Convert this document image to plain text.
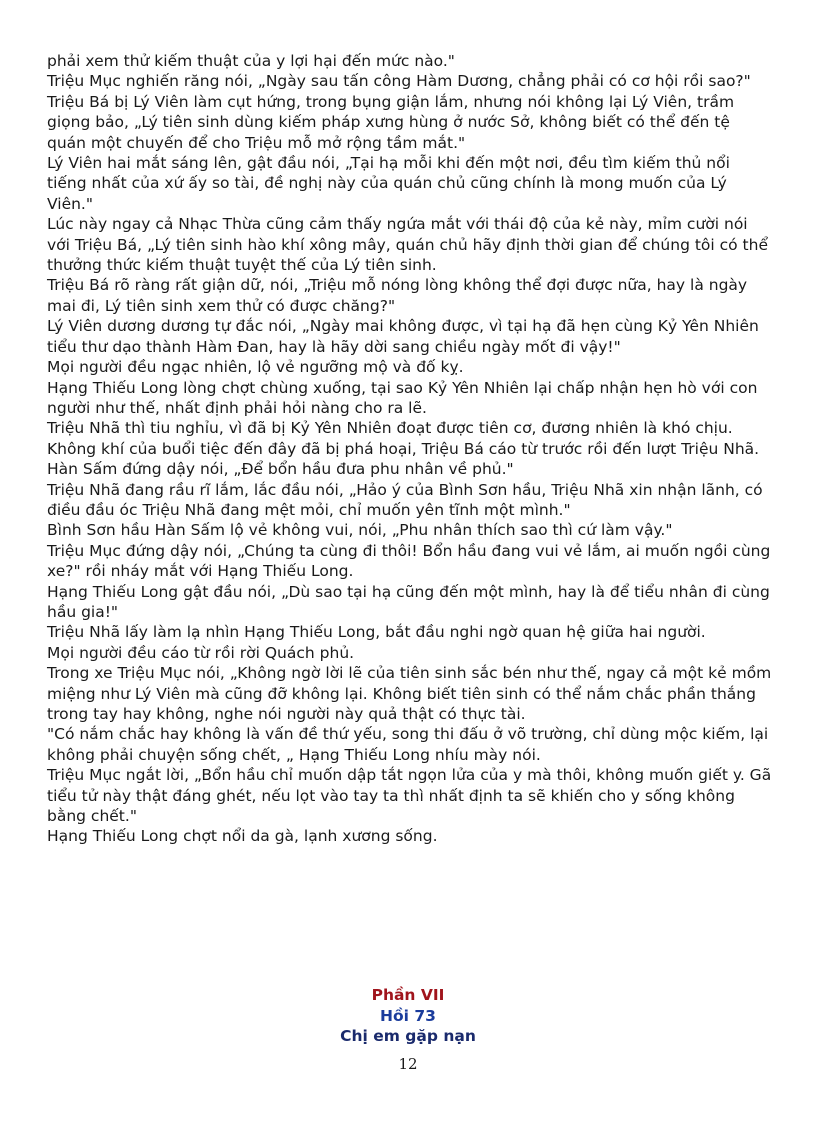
phải xem thử kiếm thuật của y lợi hại đến mức nào."

Triệu Mục nghiến răng nói, „Ngày sau tấn công Hàm Dương, chẳng phải có cơ hội rồi sao?"

Triệu Bá bị Lý Viên làm cụt hứng, trong bụng giận lắm, nhưng nói không lại Lý Viên, trầm giọng bảo, „Lý tiên sinh dùng kiếm pháp xưng hùng ở nước Sở, không biết có thể đến tệ quán một chuyến để cho Triệu mỗ mở rộng tầm mắt."

Lý Viên hai mắt sáng lên, gật đầu nói, „Tại hạ mỗi khi đến một nơi, đều tìm kiếm thủ nổi tiếng nhất của xứ ấy so tài, đề nghị này của quán chủ cũng chính là mong muốn của Lý Viên."

Lúc này ngay cả Nhạc Thừa cũng cảm thấy ngứa mắt với thái độ của kẻ này, mỉm cười nói với Triệu Bá, „Lý tiên sinh hào khí xông mây, quán chủ hãy định thời gian để chúng tôi có thể thưởng thức kiếm thuật tuyệt thế của Lý tiên sinh.

Triệu Bá rõ ràng rất giận dữ, nói, „Triệu mỗ nóng lòng không thể đợi được nữa, hay là ngày mai đi, Lý tiên sinh xem thử có được chăng?"

Lý Viên dương dương tự đắc nói, „Ngày mai không được, vì tại hạ đã hẹn cùng Kỷ Yên Nhiên tiểu thư dạo thành Hàm Đan, hay là hãy dời sang chiều ngày mốt đi vậy!"

Mọi người đều ngạc nhiên, lộ vẻ ngưỡng mộ và đố kỵ.

Hạng Thiếu Long lòng chợt chùng xuống, tại sao Kỷ Yên Nhiên lại chấp nhận hẹn hò với con người như thế, nhất định phải hỏi nàng cho ra lẽ.

Triệu Nhã thì tiu nghỉu, vì đã bị Kỷ Yên Nhiên đoạt được tiên cơ, đương nhiên là khó chịu.

Không khí của buổi tiệc đến đây đã bị phá hoại, Triệu Bá cáo từ trước rồi đến lượt Triệu Nhã.

Hàn Sấm đứng dậy nói, „Để bổn hầu đưa phu nhân về phủ."

Triệu Nhã đang rầu rĩ lắm, lắc đầu nói, „Hảo ý của Bình Sơn hầu, Triệu Nhã xin nhận lãnh, có điều đầu óc Triệu Nhã đang mệt mỏi, chỉ muốn yên tĩnh một mình."

Bình Sơn hầu Hàn Sấm lộ vẻ không vui, nói, „Phu nhân thích sao thì cứ làm vậy."

Triệu Mục đứng dậy nói, „Chúng ta cùng đi thôi! Bổn hầu đang vui vẻ lắm, ai muốn ngồi cùng xe?" rồi nháy mắt với Hạng Thiếu Long.

Hạng Thiếu Long gật đầu nói, „Dù sao tại hạ cũng đến một mình, hay là để tiểu nhân đi cùng hầu gia!"

Triệu Nhã lấy làm lạ nhìn Hạng Thiếu Long, bắt đầu nghi ngờ quan hệ giữa hai người.

Mọi người đều cáo từ rồi rời Quách phủ.

Trong xe Triệu Mục nói, „Không ngờ lời lẽ của tiên sinh sắc bén như thế, ngay cả một kẻ mồm miệng như Lý Viên mà cũng đỡ không lại. Không biết tiên sinh có thể nắm chắc phần thắng trong tay hay không, nghe nói người này quả thật có thực tài.

"Có nắm chắc hay không là vấn đề thứ yếu, song thi đấu ở võ trường, chỉ dùng mộc kiếm, lại không phải chuyện sống chết, „ Hạng Thiếu Long nhíu mày nói.

Triệu Mục ngắt lời, „Bổn hầu chỉ muốn dập tắt ngọn lửa của y mà thôi, không muốn giết y. Gã tiểu tử này thật đáng ghét, nếu lọt vào tay ta thì nhất định ta sẽ khiến cho y sống không bằng chết."

Hạng Thiếu Long chợt nổi da gà, lạnh xương sống.

Phần VII
Hồi 73
Chị em gặp nạn
12
